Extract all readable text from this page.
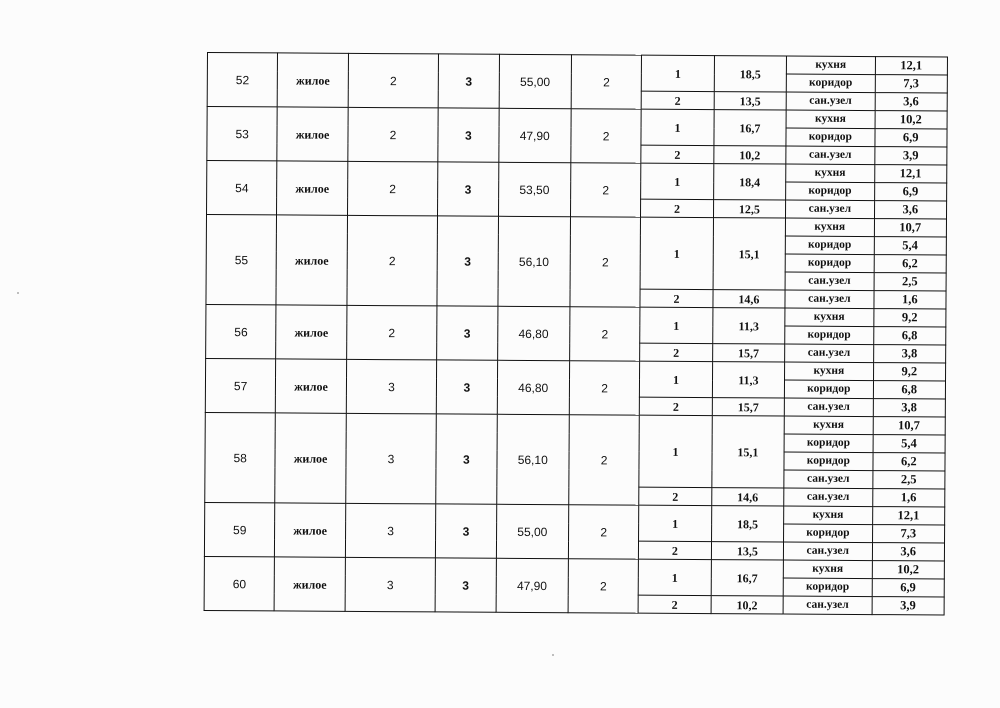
52	жилое	2	3	55,00	2	1	18,5	кухня	12,1
								коридор	7,3
						2	13,5	сан.узел	3,6
53	жилое	2	3	47,90	2	1	16,7	кухня	10,2
								коридор	6,9
						2	10,2	сан.узел	3,9
54	жилое	2	3	53,50	2	1	18,4	кухня	12,1
								коридор	6,9
						2	12,5	сан.узел	3,6
55	жилое	2	3	56,10	2	1	15,1	кухня	10,7
								коридор	5,4
								коридор	6,2
								сан.узел	2,5
						2	14,6	сан.узел	1,6
56	жилое	2	3	46,80	2	1	11,3	кухня	9,2
								коридор	6,8
						2	15,7	сан.узел	3,8
57	жилое	3	3	46,80	2	1	11,3	кухня	9,2
								коридор	6,8
						2	15,7	сан.узел	3,8
58	жилое	3	3	56,10	2	1	15,1	кухня	10,7
								коридор	5,4
								коридор	6,2
								сан.узел	2,5
						2	14,6	сан.узел	1,6
59	жилое	3	3	55,00	2	1	18,5	кухня	12,1
								коридор	7,3
						2	13,5	сан.узел	3,6
60	жилое	3	3	47,90	2	1	16,7	кухня	10,2
								коридор	6,9
						2	10,2	сан.узел	3,9
